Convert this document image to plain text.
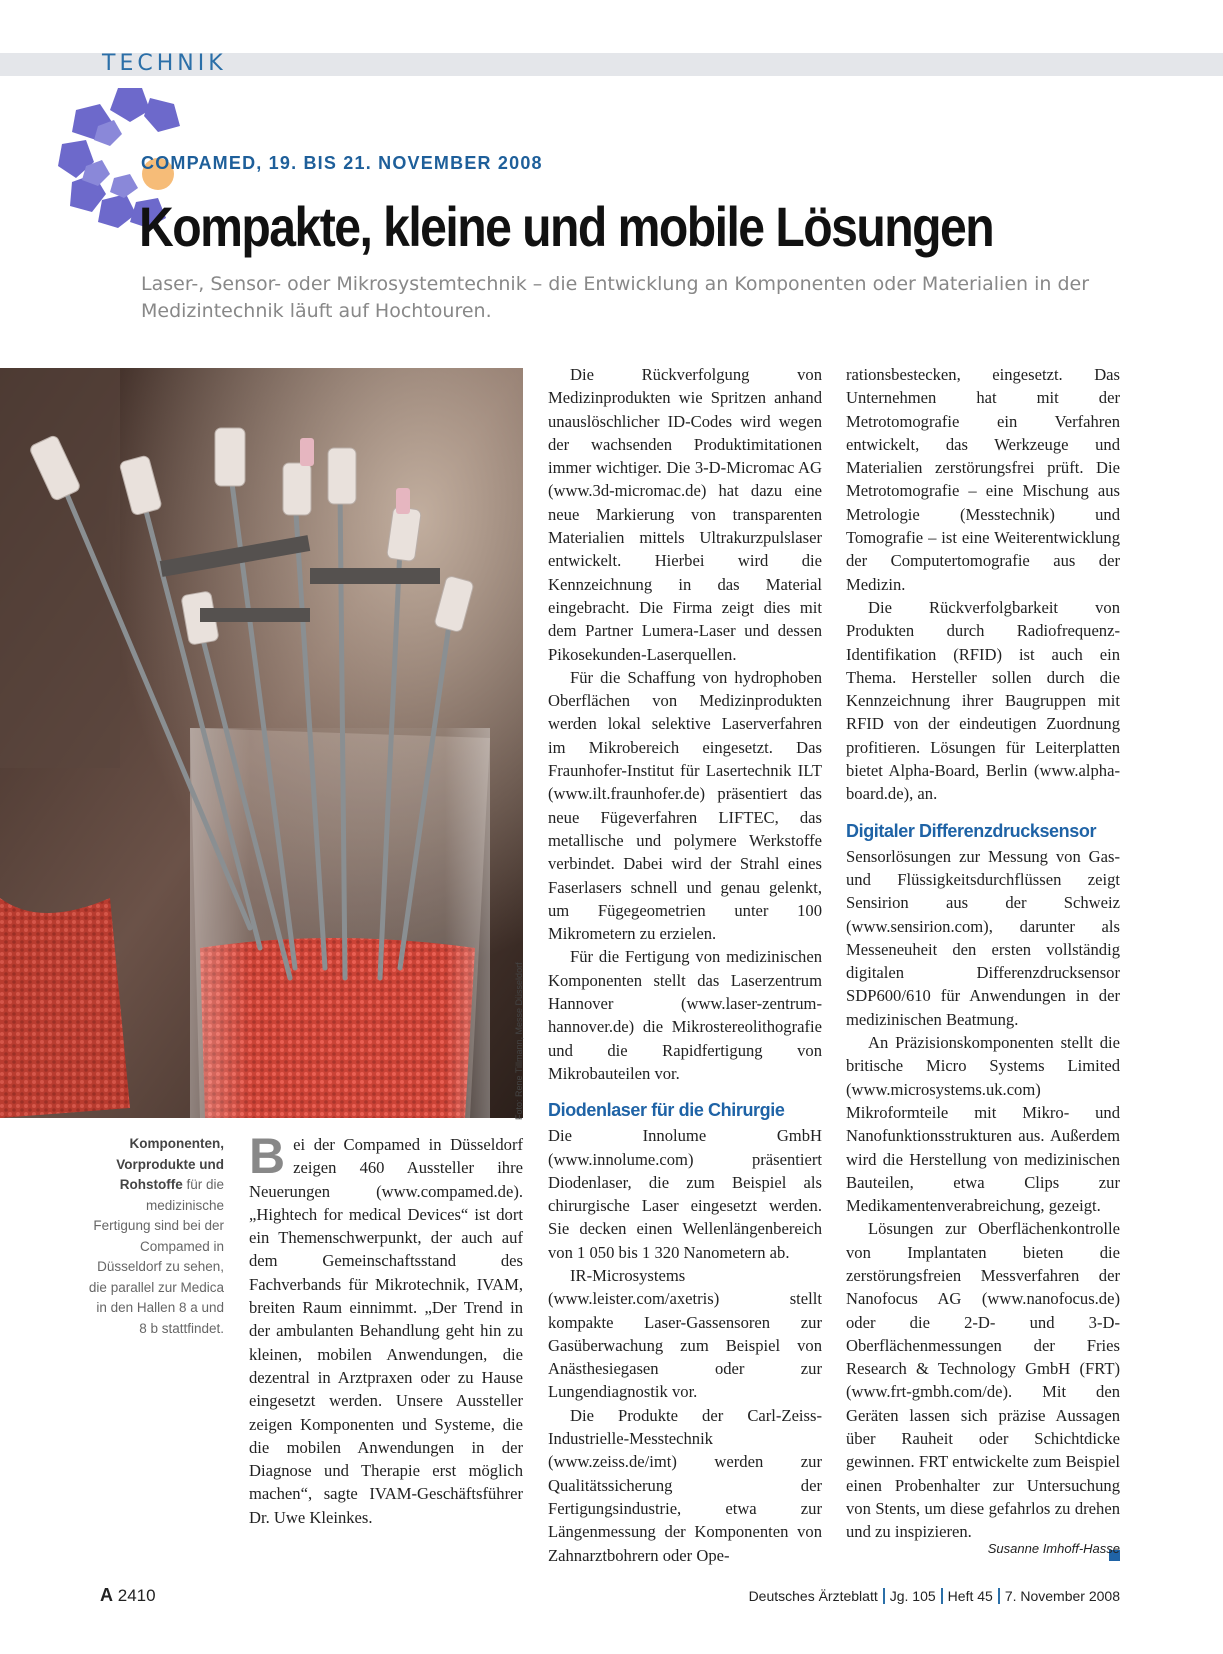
TECHNIK
COMPAMED, 19. BIS 21. NOVEMBER 2008
Kompakte, kleine und mobile Lösungen
Laser-, Sensor- oder Mikrosystemtechnik – die Entwicklung an Komponenten oder Materialien in der Medizintechnik läuft auf Hochtouren.
Foto: Rene Tillmann, Messe Düsseldorf
Komponenten, Vorprodukte und Rohstoffe für die medizinische Fertigung sind bei der Compamed in Düsseldorf zu sehen, die parallel zur Medica in den Hallen 8 a und 8 b stattfindet.
B ei der Compamed in Düsseldorf zeigen 460 Aussteller ihre Neuerungen (www.compamed.de). „Hightech for medical Devices“ ist dort ein Themenschwerpunkt, der auch auf dem Gemeinschaftsstand des Fachverbands für Mikrotechnik, IVAM, breiten Raum einnimmt. „Der Trend in der ambulanten Behandlung geht hin zu kleinen, mobilen Anwendungen, die dezentral in Arztpraxen oder zu Hause eingesetzt werden. Unsere Aussteller zeigen Komponenten und Systeme, die die mobilen Anwendungen in der Diagnose und Therapie erst möglich machen“, sagte IVAM-Geschäftsführer Dr. Uwe Kleinkes.

Die Rückverfolgung von Medizinprodukten wie Spritzen anhand unauslöschlicher ID-Codes wird wegen der wachsenden Produktimitationen immer wichtiger. Die 3-D-Micromac AG (www.3d-micromac.de) hat dazu eine neue Markierung von transparenten Materialien mittels Ultrakurzpulslaser entwickelt. Hierbei wird die Kennzeichnung in das Material eingebracht. Die Firma zeigt dies mit dem Partner Lumera-Laser und dessen Pikosekunden-Laserquellen.

Für die Schaffung von hydrophoben Oberflächen von Medizinprodukten werden lokal selektive Laserverfahren im Mikrobereich eingesetzt. Das Fraunhofer-Institut für Lasertechnik ILT (www.ilt.fraunhofer.de) präsentiert das neue Fügeverfahren LIFTEC, das metallische und polymere Werkstoffe verbindet. Dabei wird der Strahl eines Faserlasers schnell und genau gelenkt, um Fügegeometrien unter 100 Mikrometern zu erzielen.

Für die Fertigung von medizinischen Komponenten stellt das Laserzentrum Hannover (www.laser-zentrum-hannover.de) die Mikrostereolithografie und die Rapidfertigung von Mikrobauteilen vor.

Diodenlaser für die Chirurgie

Die Innolume GmbH (www.innolume.com) präsentiert Diodenlaser, die zum Beispiel als chirurgische Laser eingesetzt werden. Sie decken einen Wellenlängenbereich von 1 050 bis 1 320 Nanometern ab.

IR-Microsystems (www.leister.com/axetris) stellt kompakte Laser-Gassensoren zur Gasüberwachung zum Beispiel von Anästhesiegasen oder zur Lungendiagnostik vor.

Die Produkte der Carl-Zeiss-Industrielle-Messtechnik (www.zeiss.de/imt) werden zur Qualitätssicherung der Fertigungsindustrie, etwa zur Längenmessung der Komponenten von Zahnarztbohrern oder Ope-

rationsbestecken, eingesetzt. Das Unternehmen hat mit der Metrotomografie ein Verfahren entwickelt, das Werkzeuge und Materialien zerstörungsfrei prüft. Die Metrotomografie – eine Mischung aus Metrologie (Messtechnik) und Tomografie – ist eine Weiterentwicklung der Computertomografie aus der Medizin.

Die Rückverfolgbarkeit von Produkten durch Radiofrequenz-Identifikation (RFID) ist auch ein Thema. Hersteller sollen durch die Kennzeichnung ihrer Baugruppen mit RFID von der eindeutigen Zuordnung profitieren. Lösungen für Leiterplatten bietet Alpha-Board, Berlin (www.alpha-board.de), an.

Digitaler Differenzdrucksensor

Sensorlösungen zur Messung von Gas- und Flüssigkeitsdurchflüssen zeigt Sensirion aus der Schweiz (www.sensirion.com), darunter als Messeneuheit den ersten vollständig digitalen Differenzdrucksensor SDP600/610 für Anwendungen in der medizinischen Beatmung.

An Präzisionskomponenten stellt die britische Micro Systems Limited (www.microsystems.uk.com) Mikroformteile mit Mikro- und Nanofunktionsstrukturen aus. Außerdem wird die Herstellung von medizinischen Bauteilen, etwa Clips zur Medikamentenverabreichung, gezeigt.

Lösungen zur Oberflächenkontrolle von Implantaten bieten die zerstörungsfreien Messverfahren der Nanofocus AG (www.nanofocus.de) oder die 2-D- und 3-D-Oberflächenmessungen der Fries Research & Technology GmbH (FRT) (www.frt-gmbh.com/de). Mit den Geräten lassen sich präzise Aussagen über Rauheit oder Schichtdicke gewinnen. FRT entwickelte zum Beispiel einen Probenhalter zur Untersuchung von Stents, um diese gefahrlos zu drehen und zu inspizieren.

Susanne Imhoff-Hasse
A 2410	Deutsches Ärzteblatt Jg. 105 Heft 45 7. November 2008
